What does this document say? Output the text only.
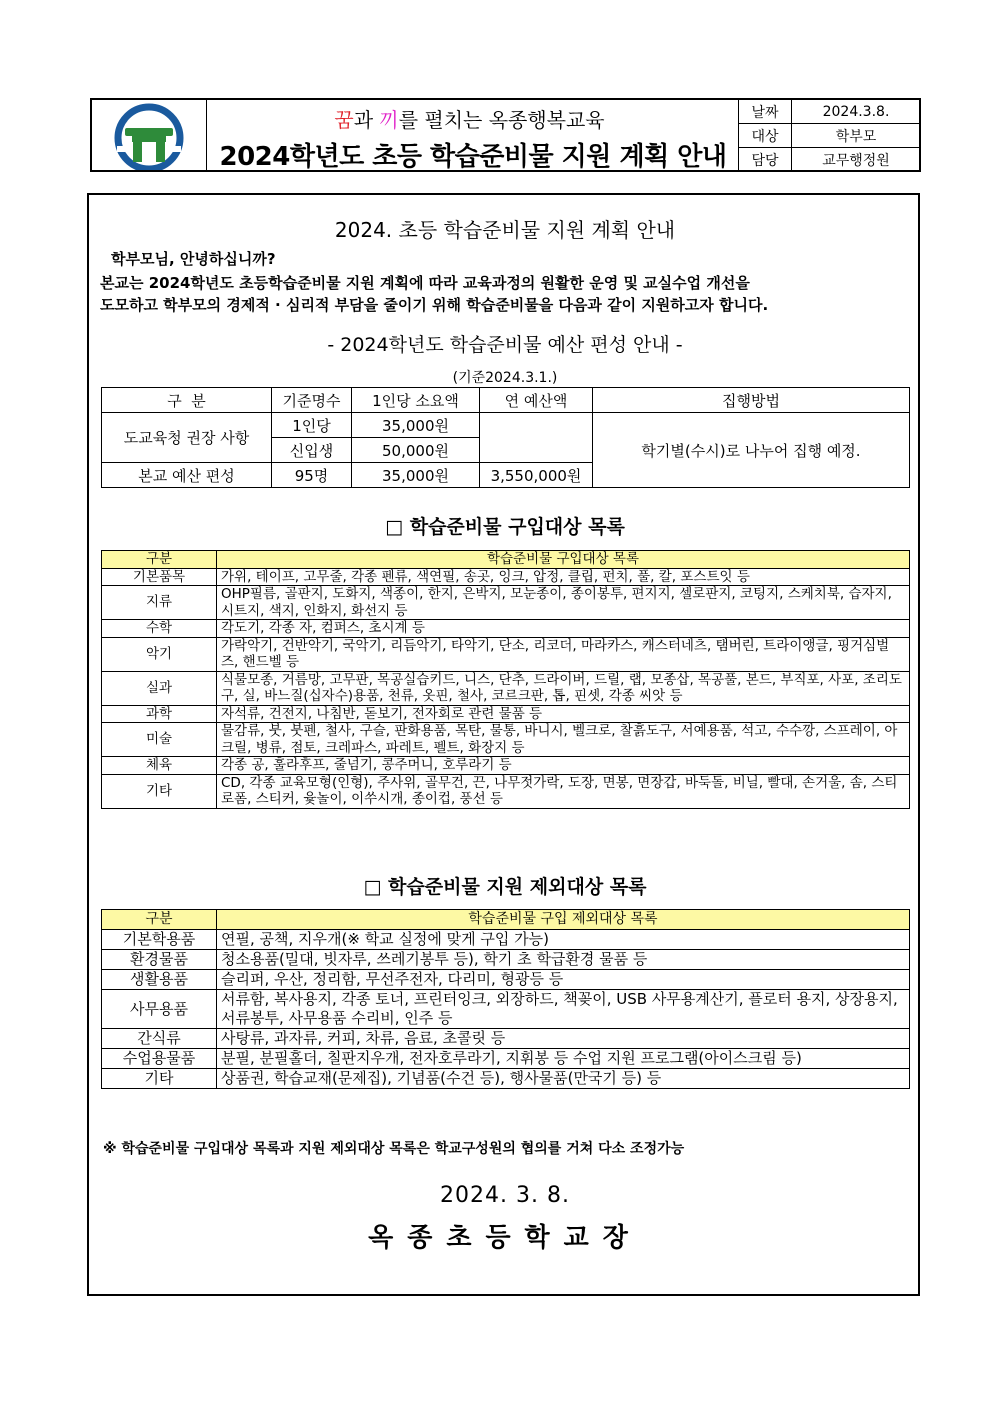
꿈과 끼를 펼치는 옥종행복교육
2024학년도 초등 학습준비물 지원 계획 안내
날짜	2024.3.8.
대상	학부모
담당	교무행정원
2024. 초등 학습준비물 지원 계획 안내
학부모님, 안녕하십니까?
본교는 2024학년도 초등학습준비물 지원 계획에 따라 교육과정의 원활한 운영 및 교실수업 개선을
도모하고 학부모의 경제적 · 심리적 부담을 줄이기 위해 학습준비물을 다음과 같이 지원하고자 합니다.
- 2024학년도 학습준비물 예산 편성 안내 -
(기준2024.3.1.)
구  분	기준명수	1인당 소요액	연 예산액	집행방법
도교육청 권장 사항	1인당	35,000원		학기별(수시)로 나누어 집행 예정.
	신입생	50,000원		
본교 예산 편성	95명	35,000원	3,550,000원	
□ 학습준비물 구입대상 목록
구분	학습준비물 구입대상 목록
기본품목	가위, 테이프, 고무줄, 각종 펜류, 색연필, 송곳, 잉크, 압정, 클립, 펀치, 풀, 칼, 포스트잇 등
지류	OHP필름, 골판지, 도화지, 색종이, 한지, 은박지, 모눈종이, 종이봉투, 편지지, 셀로판지, 코팅지, 스케치북, 습자지, 시트지, 색지, 인화지, 화선지 등
수학	각도기, 각종 자, 컴퍼스, 초시계 등
악기	가락악기, 건반악기, 국악기, 리듬악기, 타악기, 단소, 리코더, 마라카스, 캐스터네츠, 탬버린, 트라이앵글, 핑거심벌즈, 핸드벨 등
실과	식물모종, 거름망, 고무판, 목공실습키드, 니스, 단추, 드라이버, 드릴, 랩, 모종삽, 목공풀, 본드, 부직포, 사포, 조리도구, 실, 바느질(십자수)용품, 천류, 옷핀, 철사, 코르크판, 톱, 핀셋, 각종 씨앗 등
과학	자석류, 건전지, 나침반, 돋보기, 전자회로 관련 물품 등
미술	물감류, 붓, 붓펜, 철사, 구슬, 판화용품, 목탄, 물통, 바니시, 벨크로, 찰흙도구, 서예용품, 석고, 수수깡, 스프레이, 아크릴, 병류, 점토, 크레파스, 파레트, 펠트, 화장지 등
체육	각종 공, 훌라후프, 줄넘기, 콩주머니, 호루라기 등
기타	CD, 각종 교육모형(인형), 주사위, 골무건, 끈, 나무젓가락, 도장, 면봉, 면장갑, 바둑돌, 비닐, 빨대, 손거울, 솜, 스티로폼, 스티커, 윷놀이, 이쑤시개, 종이컵, 풍선 등
□ 학습준비물 지원 제외대상 목록
구분	학습준비물 구입 제외대상 목록
기본학용품	연필, 공책, 지우개(※ 학교 실정에 맞게 구입 가능)
환경물품	청소용품(밀대, 빗자루, 쓰레기봉투 등), 학기 초 학급환경 물품 등
생활용품	슬리퍼, 우산, 정리함, 무선주전자, 다리미, 형광등 등
사무용품	서류함, 복사용지, 각종 토너, 프린터잉크, 외장하드, 책꽂이, USB 사무용계산기, 플로터 용지, 상장용지, 서류봉투, 사무용품 수리비, 인주 등
간식류	사탕류, 과자류, 커피, 차류, 음료, 초콜릿 등
수업용물품	분필, 분필홀더, 칠판지우개, 전자호루라기, 지휘봉 등 수업 지원 프로그램(아이스크림 등)
기타	상품권, 학습교재(문제집), 기념품(수건 등), 행사물품(만국기 등) 등
※ 학습준비물 구입대상 목록과 지원 제외대상 목록은 학교구성원의 협의를 거쳐 다소 조정가능
2024. 3. 8.
옥종초등학교장
